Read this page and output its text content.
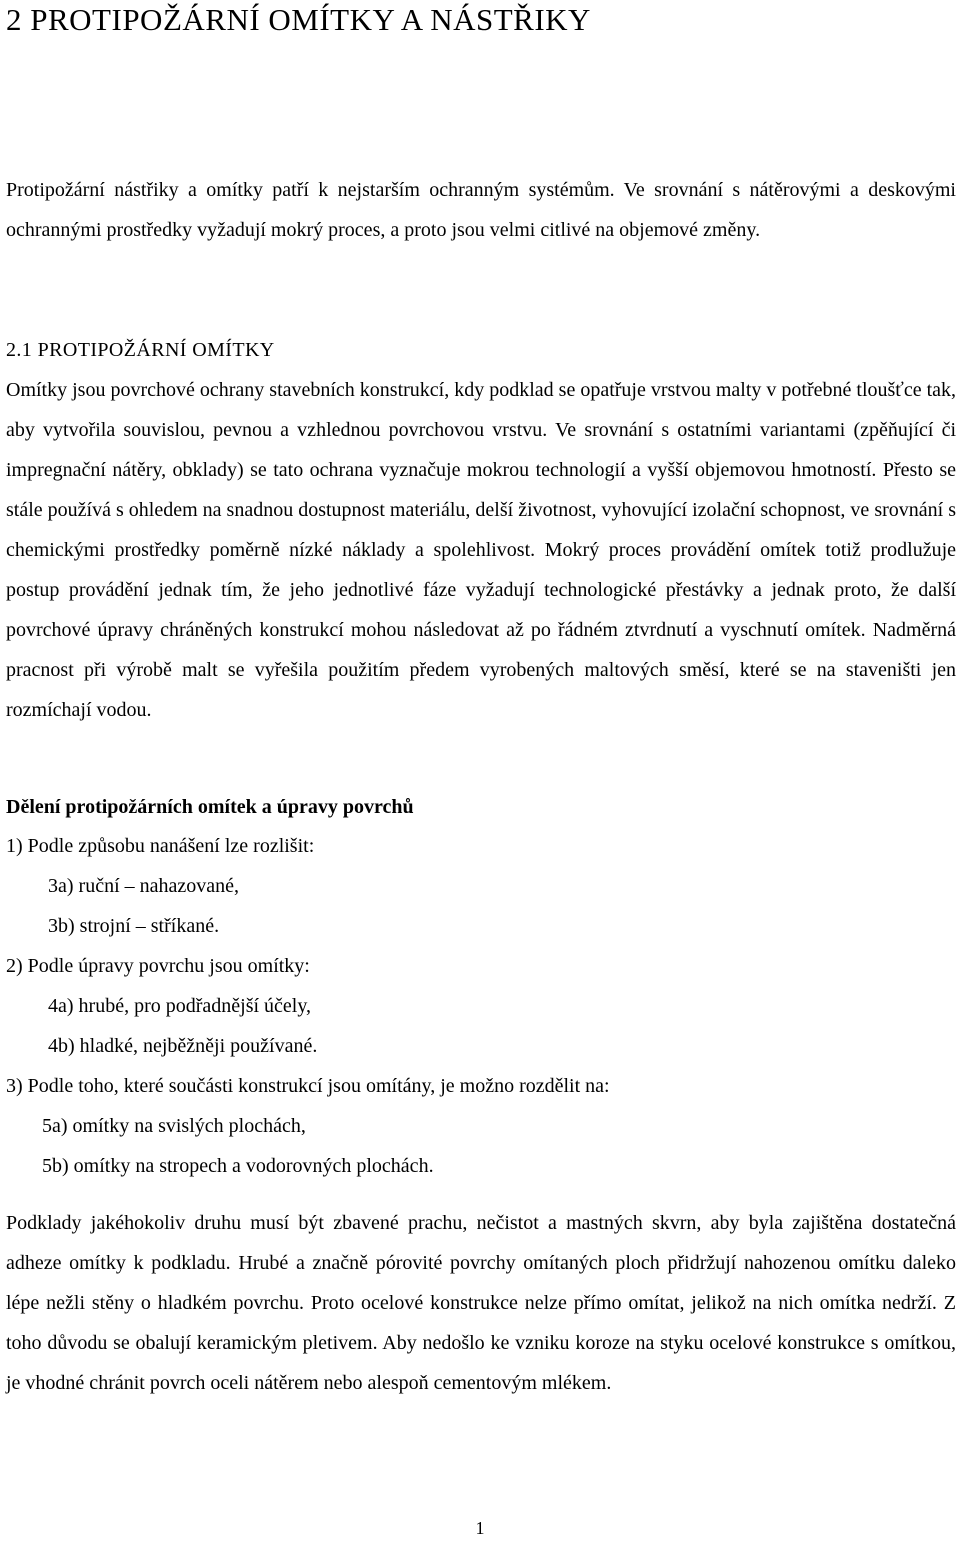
2 PROTIPOŽÁRNÍ OMÍTKY A NÁSTŘIKY

Protipožární nástřiky a omítky patří k nejstarším ochranným systémům. Ve srovnání s nátěrovými a deskovými ochrannými prostředky vyžadují mokrý proces, a proto jsou velmi citlivé na objemové změny.

2.1 PROTIPOŽÁRNÍ OMÍTKY

Omítky jsou povrchové ochrany stavebních konstrukcí, kdy podklad se opatřuje vrstvou malty v potřebné tloušťce tak, aby vytvořila souvislou, pevnou a vzhlednou povrchovou vrstvu. Ve srovnání s ostatními variantami (zpěňující či impregnační nátěry, obklady) se tato ochrana vyznačuje mokrou technologií a vyšší objemovou hmotností. Přesto se stále používá s ohledem na snadnou dostupnost materiálu, delší životnost, vyhovující izolační schopnost, ve srovnání s chemickými prostředky poměrně nízké náklady a spolehlivost. Mokrý proces provádění omítek totiž prodlužuje postup provádění jednak tím, že jeho jednotlivé fáze vyžadují technologické přestávky a jednak proto, že další povrchové úpravy chráněných konstrukcí mohou následovat až po řádném ztvrdnutí a vyschnutí omítek. Nadměrná pracnost při výrobě malt se vyřešila použitím předem vyrobených maltových směsí, které se na staveništi jen rozmíchají vodou.

Dělení protipožárních omítek a úpravy povrchů
1) Podle způsobu nanášení lze rozlišit:
3a) ruční – nahazované,
3b) strojní – stříkané.
2) Podle úpravy povrchu jsou omítky:
4a) hrubé, pro podřadnější účely,
4b) hladké, nejběžněji používané.
3) Podle toho, které součásti konstrukcí jsou omítány, je možno rozdělit na:
5a) omítky na svislých plochách,
5b) omítky na stropech a vodorovných plochách.

Podklady jakéhokoliv druhu musí být zbavené prachu, nečistot a mastných skvrn, aby byla zajištěna dostatečná adheze omítky k podkladu. Hrubé a značně pórovité povrchy omítaných ploch přidržují nahozenou omítku daleko lépe nežli stěny o hladkém povrchu. Proto ocelové konstrukce nelze přímo omítat, jelikož na nich omítka nedrží. Z toho důvodu se obalují keramickým pletivem. Aby nedošlo ke vzniku koroze na styku ocelové konstrukce s omítkou, je vhodné chránit povrch oceli nátěrem nebo alespoň cementovým mlékem.

1
